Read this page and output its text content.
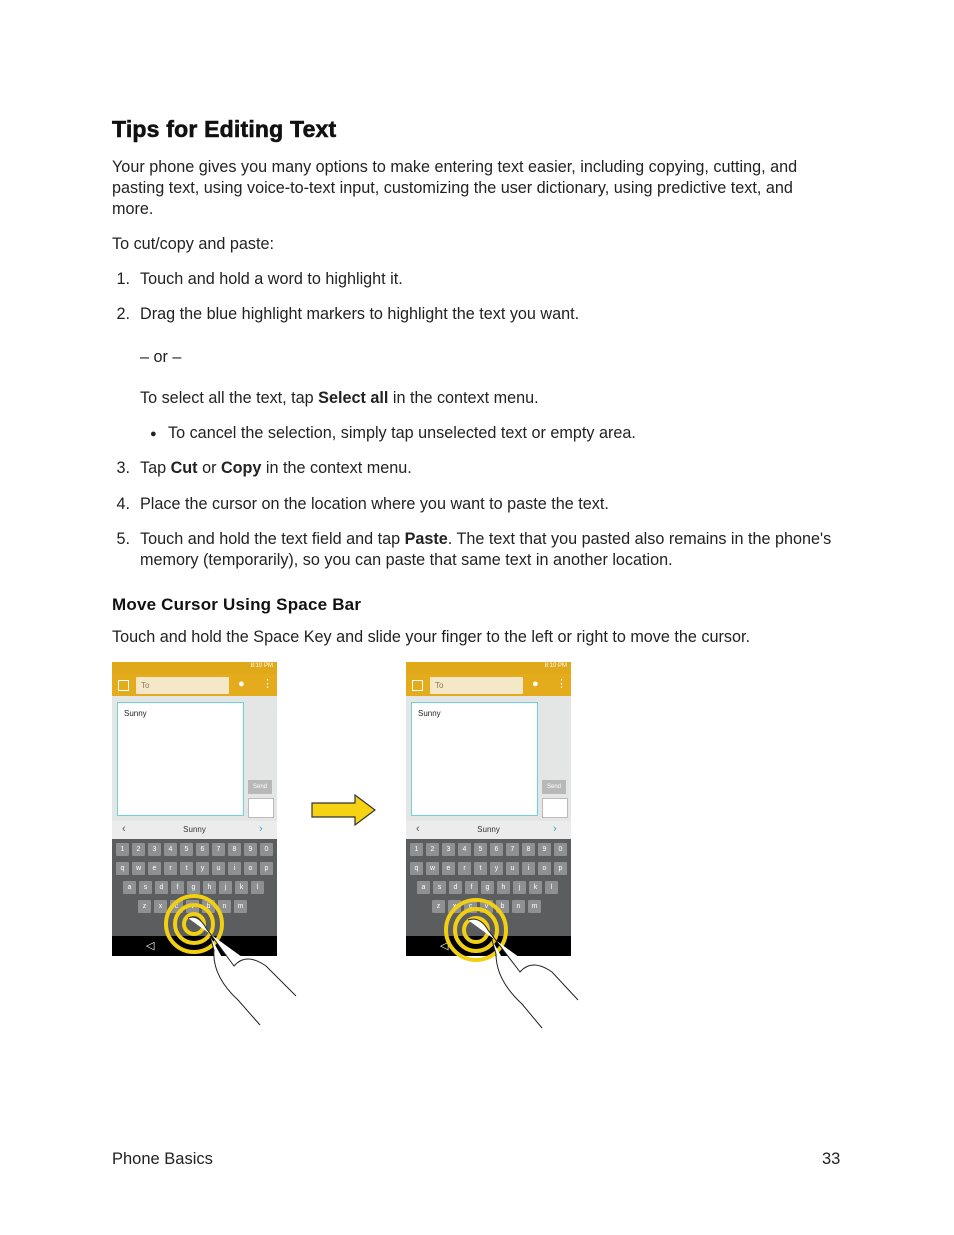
Tips for Editing Text
Your phone gives you many options to make entering text easier, including copying, cutting, and
pasting text, using voice-to-text input, customizing the user dictionary, using predictive text, and
more.
To cut/copy and paste:
1. Touch and hold a word to highlight it.
2. Drag the blue highlight markers to highlight the text you want.
– or –
To select all the text, tap Select all in the context menu.
● To cancel the selection, simply tap unselected text or empty area.
3. Tap Cut or Copy in the context menu.
4. Place the cursor on the location where you want to paste the text.
5. Touch and hold the text field and tap Paste. The text that you pasted also remains in the phone's
memory (temporarily), so you can paste that same text in another location.
Move Cursor Using Space Bar
Touch and hold the Space Key and slide your finger to the left or right to move the cursor.
8:10 PM
● ⋮
To
Sunny
Send
‹	Sunny	›
1	2	3	4	5	6	7	8	9	0
q	w	e	r	t	y	u	i	o	p
a	s	d	f	g	h	j	k	l
z	x	c	v	b	n	m
◁
8:10 PM
● ⋮
To
Sunny
Send
‹	Sunny	›
1	2	3	4	5	6	7	8	9	0
q	w	e	r	t	y	u	i	o	p
a	s	d	f	g	h	j	k	l
z	x	c	v	b	n	m
◁
Phone Basics	33
